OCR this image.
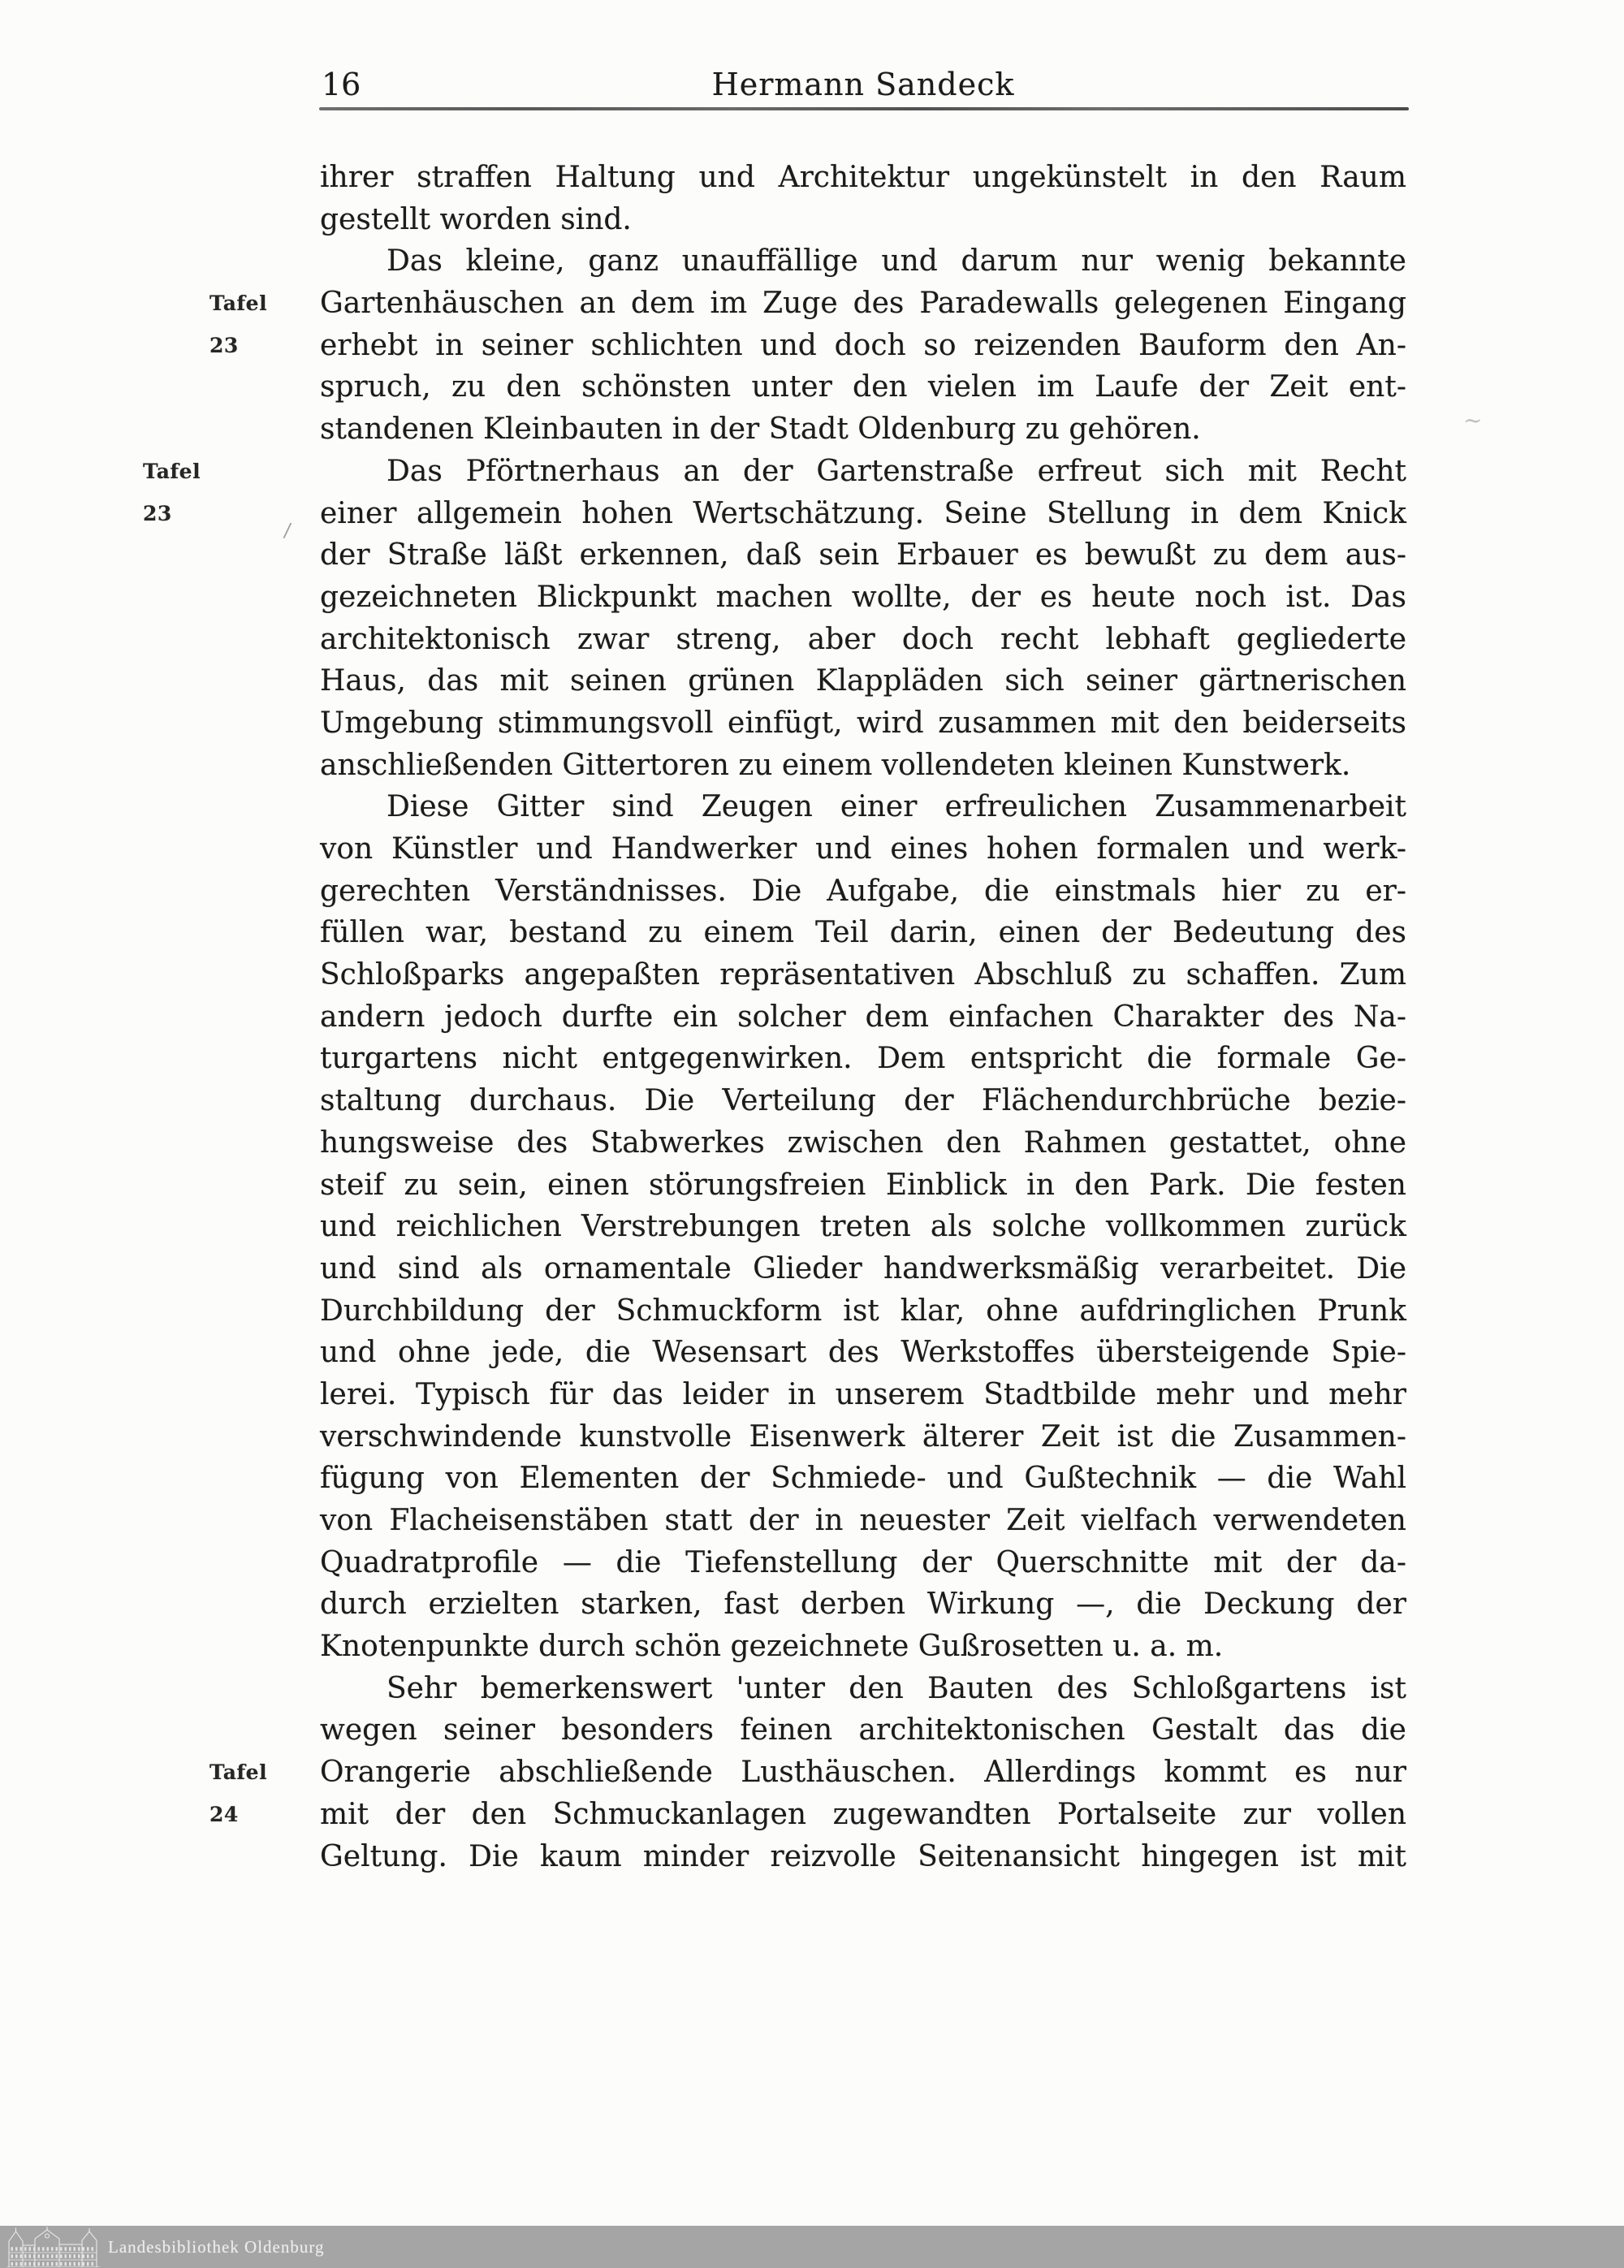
16	Hermann Sandeck
ihrer straffen Haltung und Architektur ungekünstelt in den Raum
gestellt worden sind.
Das kleine, ganz unauffällige und darum nur wenig bekannte
Gartenhäuschen an dem im Zuge des Paradewalls gelegenen Eingang
Tafel 23	erhebt in seiner schlichten und doch so reizenden Bauform den An-
spruch, zu den schönsten unter den vielen im Laufe der Zeit ent-
standenen Kleinbauten in der Stadt Oldenburg zu gehören.
Das Pförtnerhaus an der Gartenstraße erfreut sich mit Recht
Tafel 23	einer allgemein hohen Wertschätzung. Seine Stellung in dem Knick
der Straße läßt erkennen, daß sein Erbauer es bewußt zu dem aus-
gezeichneten Blickpunkt machen wollte, der es heute noch ist. Das
architektonisch zwar streng, aber doch recht lebhaft gegliederte
Haus, das mit seinen grünen Klappläden sich seiner gärtnerischen
Umgebung stimmungsvoll einfügt, wird zusammen mit den beiderseits
anschließenden Gittertoren zu einem vollendeten kleinen Kunstwerk.
Diese Gitter sind Zeugen einer erfreulichen Zusammenarbeit
von Künstler und Handwerker und eines hohen formalen und werk-
gerechten Verständnisses. Die Aufgabe, die einstmals hier zu er-
füllen war, bestand zu einem Teil darin, einen der Bedeutung des
Schloßparks angepaßten repräsentativen Abschluß zu schaffen. Zum
andern jedoch durfte ein solcher dem einfachen Charakter des Na-
turgartens nicht entgegenwirken. Dem entspricht die formale Ge-
staltung durchaus. Die Verteilung der Flächendurchbrüche bezie-
hungsweise des Stabwerkes zwischen den Rahmen gestattet, ohne
steif zu sein, einen störungsfreien Einblick in den Park. Die festen
und reichlichen Verstrebungen treten als solche vollkommen zurück
und sind als ornamentale Glieder handwerksmäßig verarbeitet. Die
Durchbildung der Schmuckform ist klar, ohne aufdringlichen Prunk
und ohne jede, die Wesensart des Werkstoffes übersteigende Spie-
lerei. Typisch für das leider in unserem Stadtbilde mehr und mehr
verschwindende kunstvolle Eisenwerk älterer Zeit ist die Zusammen-
fügung von Elementen der Schmiede- und Gußtechnik — die Wahl
von Flacheisenstäben statt der in neuester Zeit vielfach verwendeten
Quadratprofile — die Tiefenstellung der Querschnitte mit der da-
durch erzielten starken, fast derben Wirkung —, die Deckung der
Knotenpunkte durch schön gezeichnete Gußrosetten u. a. m.
Sehr bemerkenswert 'unter den Bauten des Schloßgartens ist
wegen seiner besonders feinen architektonischen Gestalt das die
Orangerie abschließende Lusthäuschen. Allerdings kommt es nur
Tafel 24	mit der den Schmuckanlagen zugewandten Portalseite zur vollen
Geltung. Die kaum minder reizvolle Seitenansicht hingegen ist mit
Landesbibliothek Oldenburg
/
~
